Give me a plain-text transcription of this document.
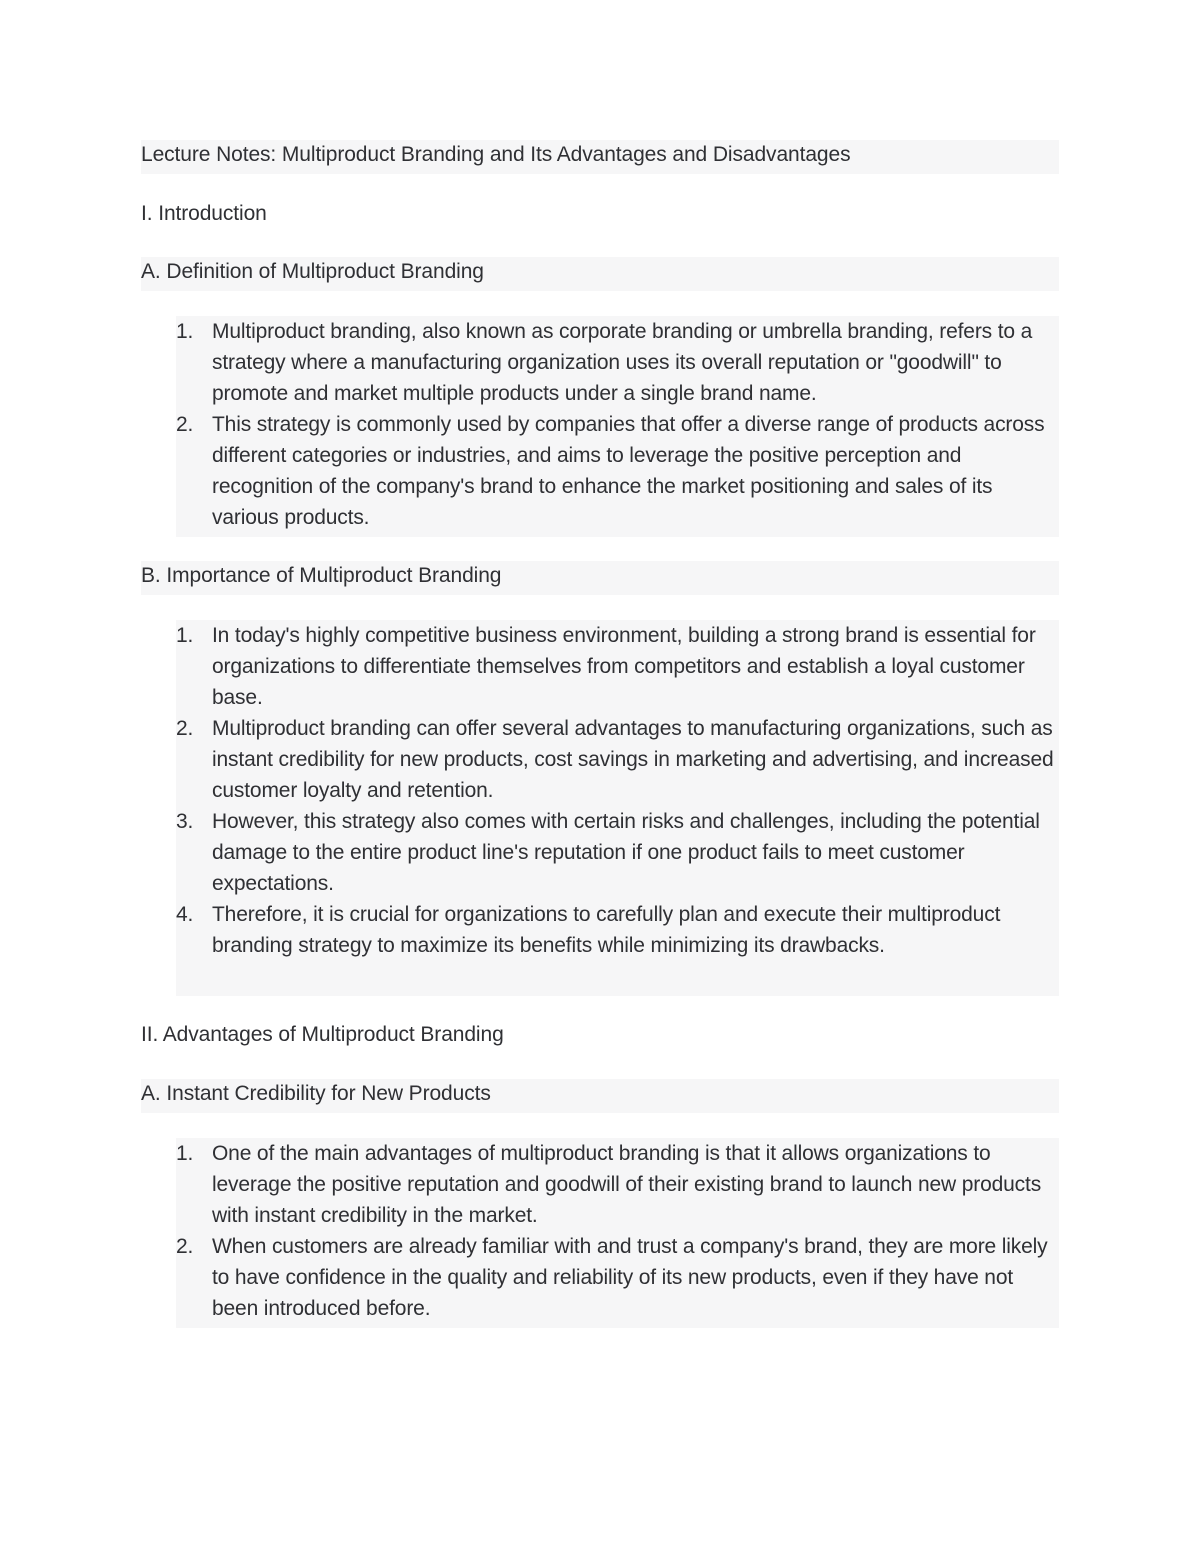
Lecture Notes: Multiproduct Branding and Its Advantages and Disadvantages
I. Introduction
A. Definition of Multiproduct Branding
1. Multiproduct branding, also known as corporate branding or umbrella branding, refers to a strategy where a manufacturing organization uses its overall reputation or "goodwill" to promote and market multiple products under a single brand name.
2. This strategy is commonly used by companies that offer a diverse range of products across different categories or industries, and aims to leverage the positive perception and recognition of the company's brand to enhance the market positioning and sales of its various products.
B. Importance of Multiproduct Branding
1. In today's highly competitive business environment, building a strong brand is essential for organizations to differentiate themselves from competitors and establish a loyal customer base.
2. Multiproduct branding can offer several advantages to manufacturing organizations, such as instant credibility for new products, cost savings in marketing and advertising, and increased customer loyalty and retention.
3. However, this strategy also comes with certain risks and challenges, including the potential damage to the entire product line's reputation if one product fails to meet customer expectations.
4. Therefore, it is crucial for organizations to carefully plan and execute their multiproduct branding strategy to maximize its benefits while minimizing its drawbacks.
II. Advantages of Multiproduct Branding
A. Instant Credibility for New Products
1. One of the main advantages of multiproduct branding is that it allows organizations to leverage the positive reputation and goodwill of their existing brand to launch new products with instant credibility in the market.
2. When customers are already familiar with and trust a company's brand, they are more likely to have confidence in the quality and reliability of its new products, even if they have not been introduced before.
